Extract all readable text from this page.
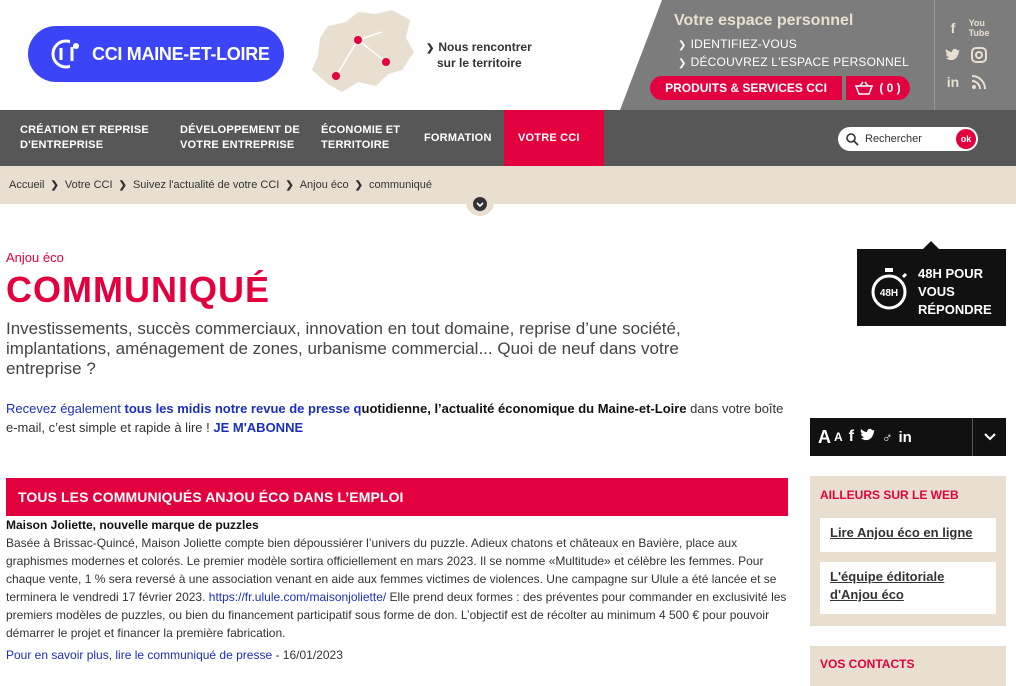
CCI MAINE-ET-LOIRE	❯ Nous rencontrer
sur le territoire
Votre espace personnel
❯ IDENTIFIEZ-VOUS
❯ DÉCOUVREZ L'ESPACE PERSONNEL
PRODUITS & SERVICES CCI	( 0 )
f	You
Tube
in
CRÉATION ET REPRISE
D'ENTREPRISE
DÉVELOPPEMENT DE
VOTRE ENTREPRISE
ÉCONOMIE ET
TERRITOIRE
FORMATION	VOTRE CCI	Rechercher	ok
Accueil ❯ Votre CCI ❯ Suivez l'actualité de votre CCI ❯ Anjou éco ❯ communiqué
Anjou éco
COMMUNIQUÉ

Investissements, succès commerciaux, innovation en tout domaine, reprise d’une société, implantations, aménagement de zones, urbanisme commercial... Quoi de neuf dans votre entreprise ?

Recevez également tous les midis notre revue de presse quotidienne, l’actualité économique du Maine-et-Loire dans votre boîte e-mail, c’est simple et rapide à lire ! JE M'ABONNE

TOUS LES COMMUNIQUÉS ANJOU ÉCO DANS L’EMPLOI
Maison Joliette, nouvelle marque de puzzles
Basée à Brissac-Quincé, Maison Joliette compte bien dépoussiérer l’univers du puzzle. Adieux chatons et châteaux en Bavière, place aux graphismes modernes et colorés. Le premier modèle sortira officiellement en mars 2023. Il se nomme «Multitude» et célèbre les femmes. Pour chaque vente, 1 % sera reversé à une association venant en aide aux femmes victimes de violences. Une campagne sur Ulule a été lancée et se terminera le vendredi 17 février 2023. https://fr.ulule.com/maisonjoliette/ Elle prend deux formes : des préventes pour commander en exclusivité les premiers modèles de puzzles, ou bien du financement participatif sous forme de don. L’objectif est de récolter au minimum 4 500 € pour pouvoir démarrer le projet et financer la première fabrication.
Pour en savoir plus, lire le communiqué de presse - 16/01/2023
48H
48H POUR
VOUS
RÉPONDRE
A A f ♂ in
AILLEURS SUR LE WEB
Lire Anjou éco en ligne
L'équipe éditoriale
d'Anjou éco
VOS CONTACTS
